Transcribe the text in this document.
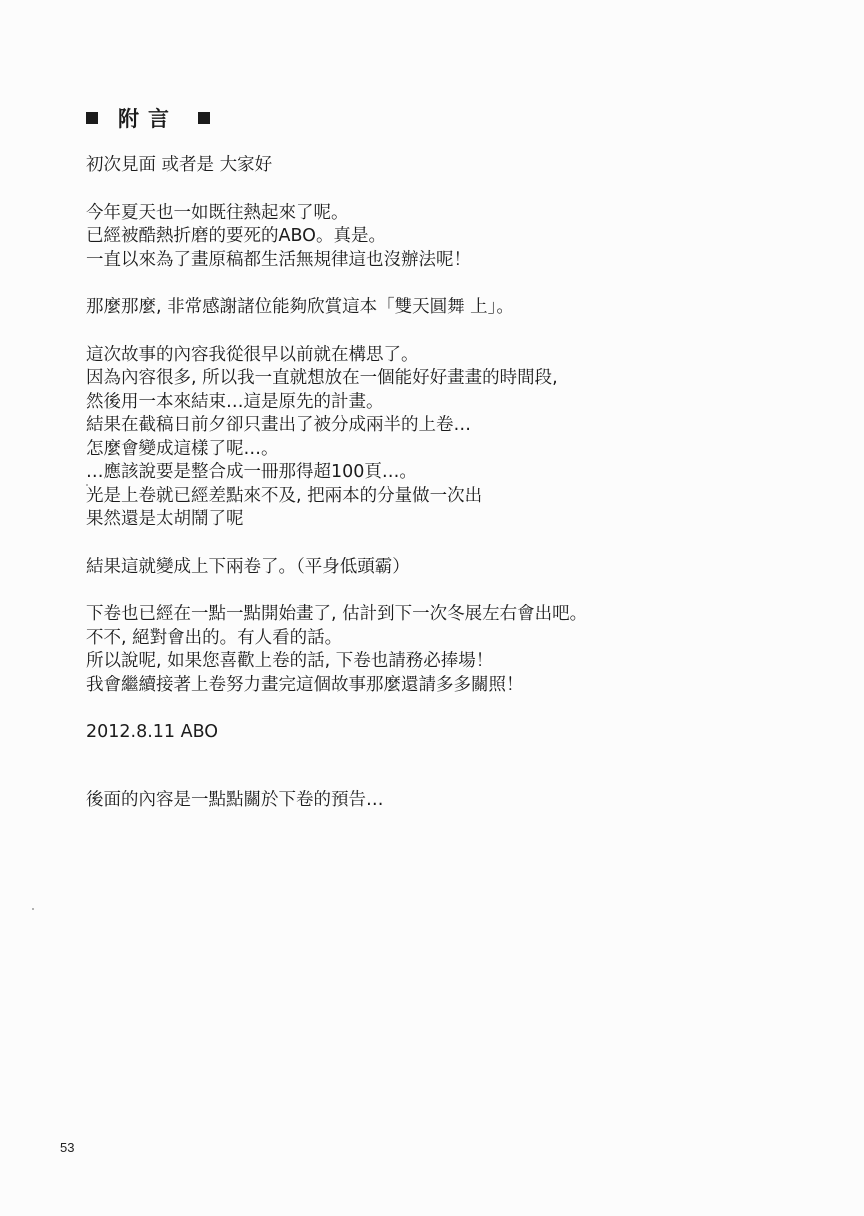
附言

初次見面 或者是 大家好

今年夏天也一如既往熱起來了呢。

已經被酷熱折磨的要死的ABO。真是。

一直以來為了畫原稿都生活無規律這也沒辦法呢！

那麼那麼, 非常感謝諸位能夠欣賞這本「雙天圓舞 上」。

這次故事的內容我從很早以前就在構思了。

因為內容很多, 所以我一直就想放在一個能好好畫畫的時間段,

然後用一本來結束…這是原先的計畫。

結果在截稿日前夕卻只畫出了被分成兩半的上卷…

怎麼會變成這樣了呢…。

…應該說要是整合成一冊那得超100頁…。

光是上卷就已經差點來不及, 把兩本的分量做一次出

果然還是太胡鬧了呢

結果這就變成上下兩卷了。（平身低頭霸）

下卷也已經在一點一點開始畫了, 估計到下一次冬展左右會出吧。

不不, 絕對會出的。有人看的話。

所以說呢, 如果您喜歡上卷的話, 下卷也請務必捧場！

我會繼續接著上卷努力畫完這個故事那麼還請多多關照！

2012.8.11 ABO

後面的內容是一點點關於下卷的預告…

53
